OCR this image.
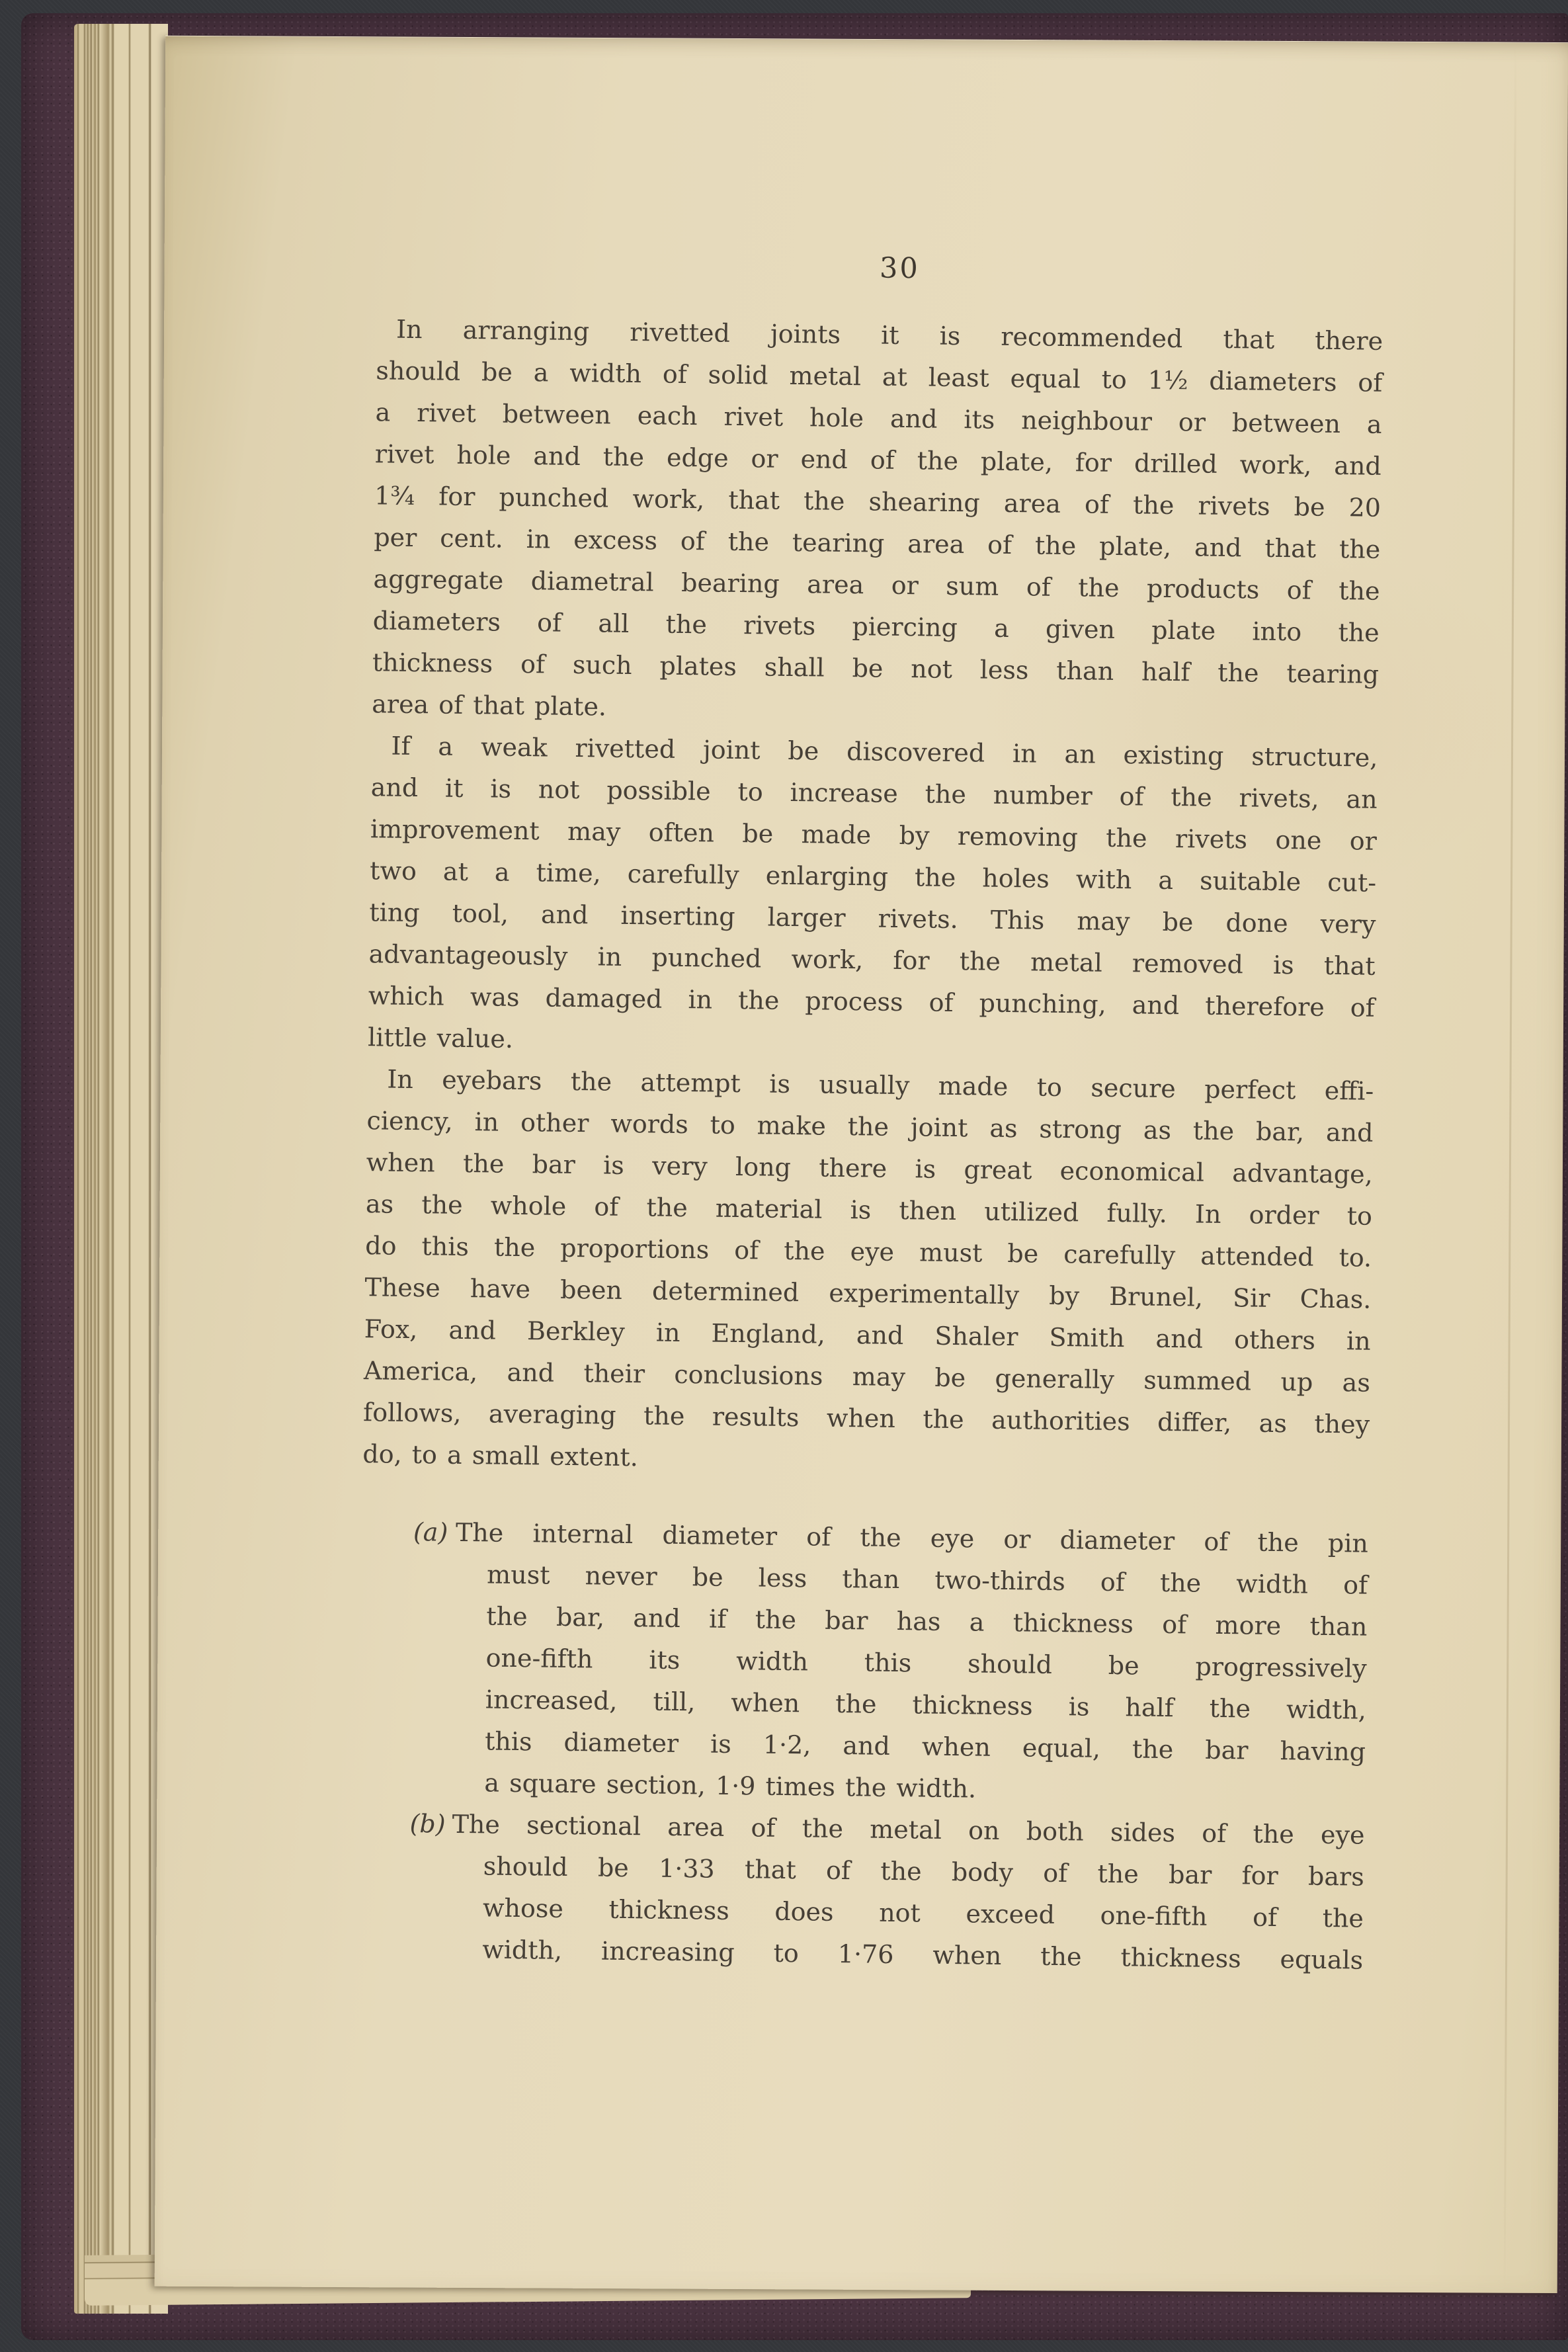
30
In arranging rivetted joints it is recommended that there
should be a width of solid metal at least equal to 1½ diameters of
a rivet between each rivet hole and its neighbour or between a
rivet hole and the edge or end of the plate, for drilled work, and
1¾ for punched work, that the shearing area of the rivets be 20
per cent. in excess of the tearing area of the plate, and that the
aggregate diametral bearing area or sum of the products of the
diameters of all the rivets piercing a given plate into the
thickness of such plates shall be not less than half the tearing
area of that plate.
If a weak rivetted joint be discovered in an existing structure,
and it is not possible to increase the number of the rivets, an
improvement may often be made by removing the rivets one or
two at a time, carefully enlarging the holes with a suitable cut-
ting tool, and inserting larger rivets. This may be done very
advantageously in punched work, for the metal removed is that
which was damaged in the process of punching, and therefore of
little value.
In eyebars the attempt is usually made to secure perfect effi-
ciency, in other words to make the joint as strong as the bar, and
when the bar is very long there is great economical advantage,
as the whole of the material is then utilized fully. In order to
do this the proportions of the eye must be carefully attended to.
These have been determined experimentally by Brunel, Sir Chas.
Fox, and Berkley in England, and Shaler Smith and others in
America, and their conclusions may be generally summed up as
follows, averaging the results when the authorities differ, as they
do, to a small extent.
(a) The internal diameter of the eye or diameter of the pin
must never be less than two-thirds of the width of
the bar, and if the bar has a thickness of more than
one-fifth its width this should be progressively
increased, till, when the thickness is half the width,
this diameter is 1·2, and when equal, the bar having
a square section, 1·9 times the width.
(b) The sectional area of the metal on both sides of the eye
should be 1·33 that of the body of the bar for bars
whose thickness does not exceed one-fifth of the
width, increasing to 1·76 when the thickness equals
